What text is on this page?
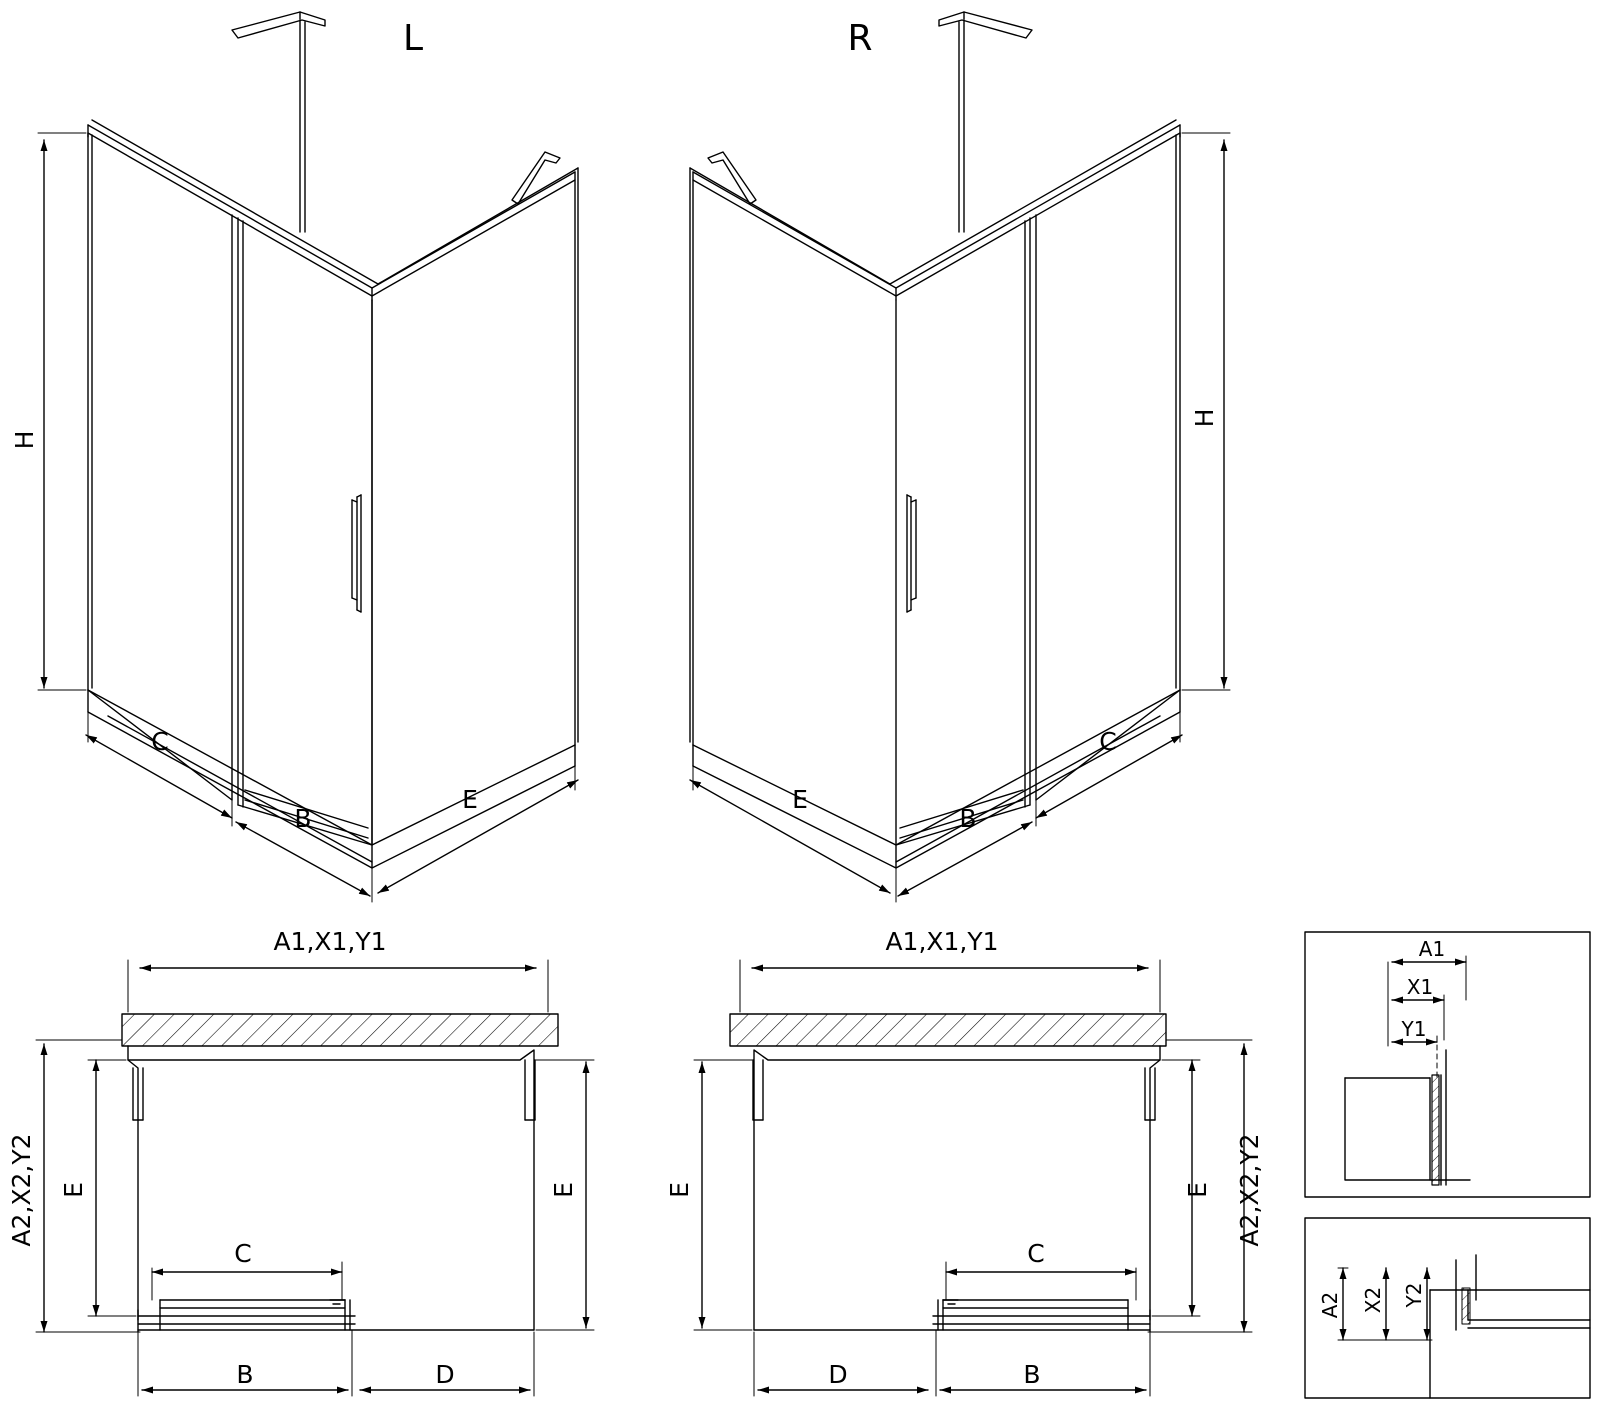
L	R
H
C
B
E
H
C
B
E
A1,X1,Y1
A2,X2,Y2 E	E
C
B	D
A1,X1,Y1
A2,X2,Y2
E
E
C
B
D
A1
X1
Y1
A2 X2 Y2
